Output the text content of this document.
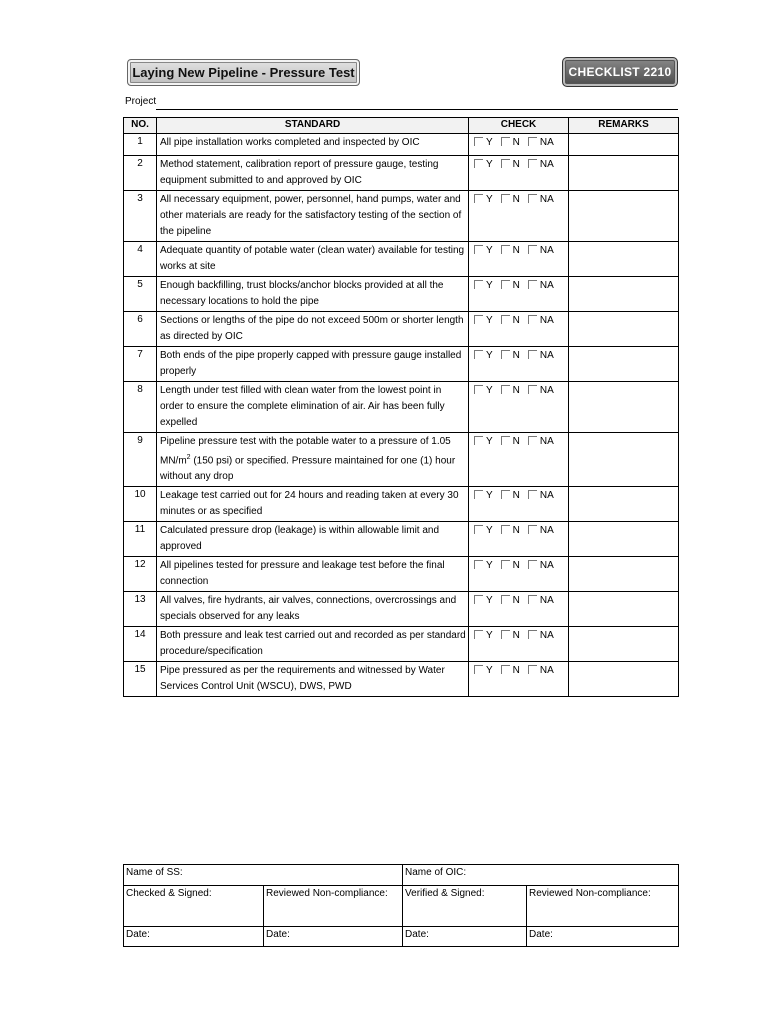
Laying New Pipeline - Pressure Test	CHECKLIST 2210
Project
NO.	STANDARD	CHECK	REMARKS
1	All pipe installation works completed and inspected by OIC	Y N NA	
2	Method statement, calibration report of pressure gauge, testing equipment submitted to and approved by OIC	Y N NA	
3	All necessary equipment, power, personnel, hand pumps, water and other materials are ready for the satisfactory testing of the section of the pipeline	Y N NA	
4	Adequate quantity of potable water (clean water) available for testing works at site	Y N NA	
5	Enough backfilling, trust blocks/anchor blocks provided at all the necessary locations to hold the pipe	Y N NA	
6	Sections or lengths of the pipe do not exceed 500m or shorter length as directed by OIC	Y N NA	
7	Both ends of the pipe properly capped with pressure gauge installed properly	Y N NA	
8	Length under test filled with clean water from the lowest point in order to ensure the complete elimination of air. Air has been fully expelled	Y N NA	
9	Pipeline pressure test with the potable water to a pressure of 1.05 $MN/m^2$ (150 psi) or specified. Pressure maintained for one (1) hour without any drop	Y N NA	
10	Leakage test carried out for 24 hours and reading taken at every 30 minutes or as specified	Y N NA	
11	Calculated pressure drop (leakage) is within allowable limit and approved	Y N NA	
12	All pipelines tested for pressure and leakage test before the final connection	Y N NA	
13	All valves, fire hydrants, air valves, connections, overcrossings and specials observed for any leaks	Y N NA	
14	Both pressure and leak test carried out and recorded as per standard procedure/specification	Y N NA	
15	Pipe pressured as per the requirements and witnessed by Water Services Control Unit (WSCU), DWS, PWD	Y N NA	
Name of SS:		Name of OIC:	
Checked & Signed:	Reviewed Non-compliance:	Verified & Signed:	Reviewed Non-compliance:
Date:	Date:	Date:	Date:
